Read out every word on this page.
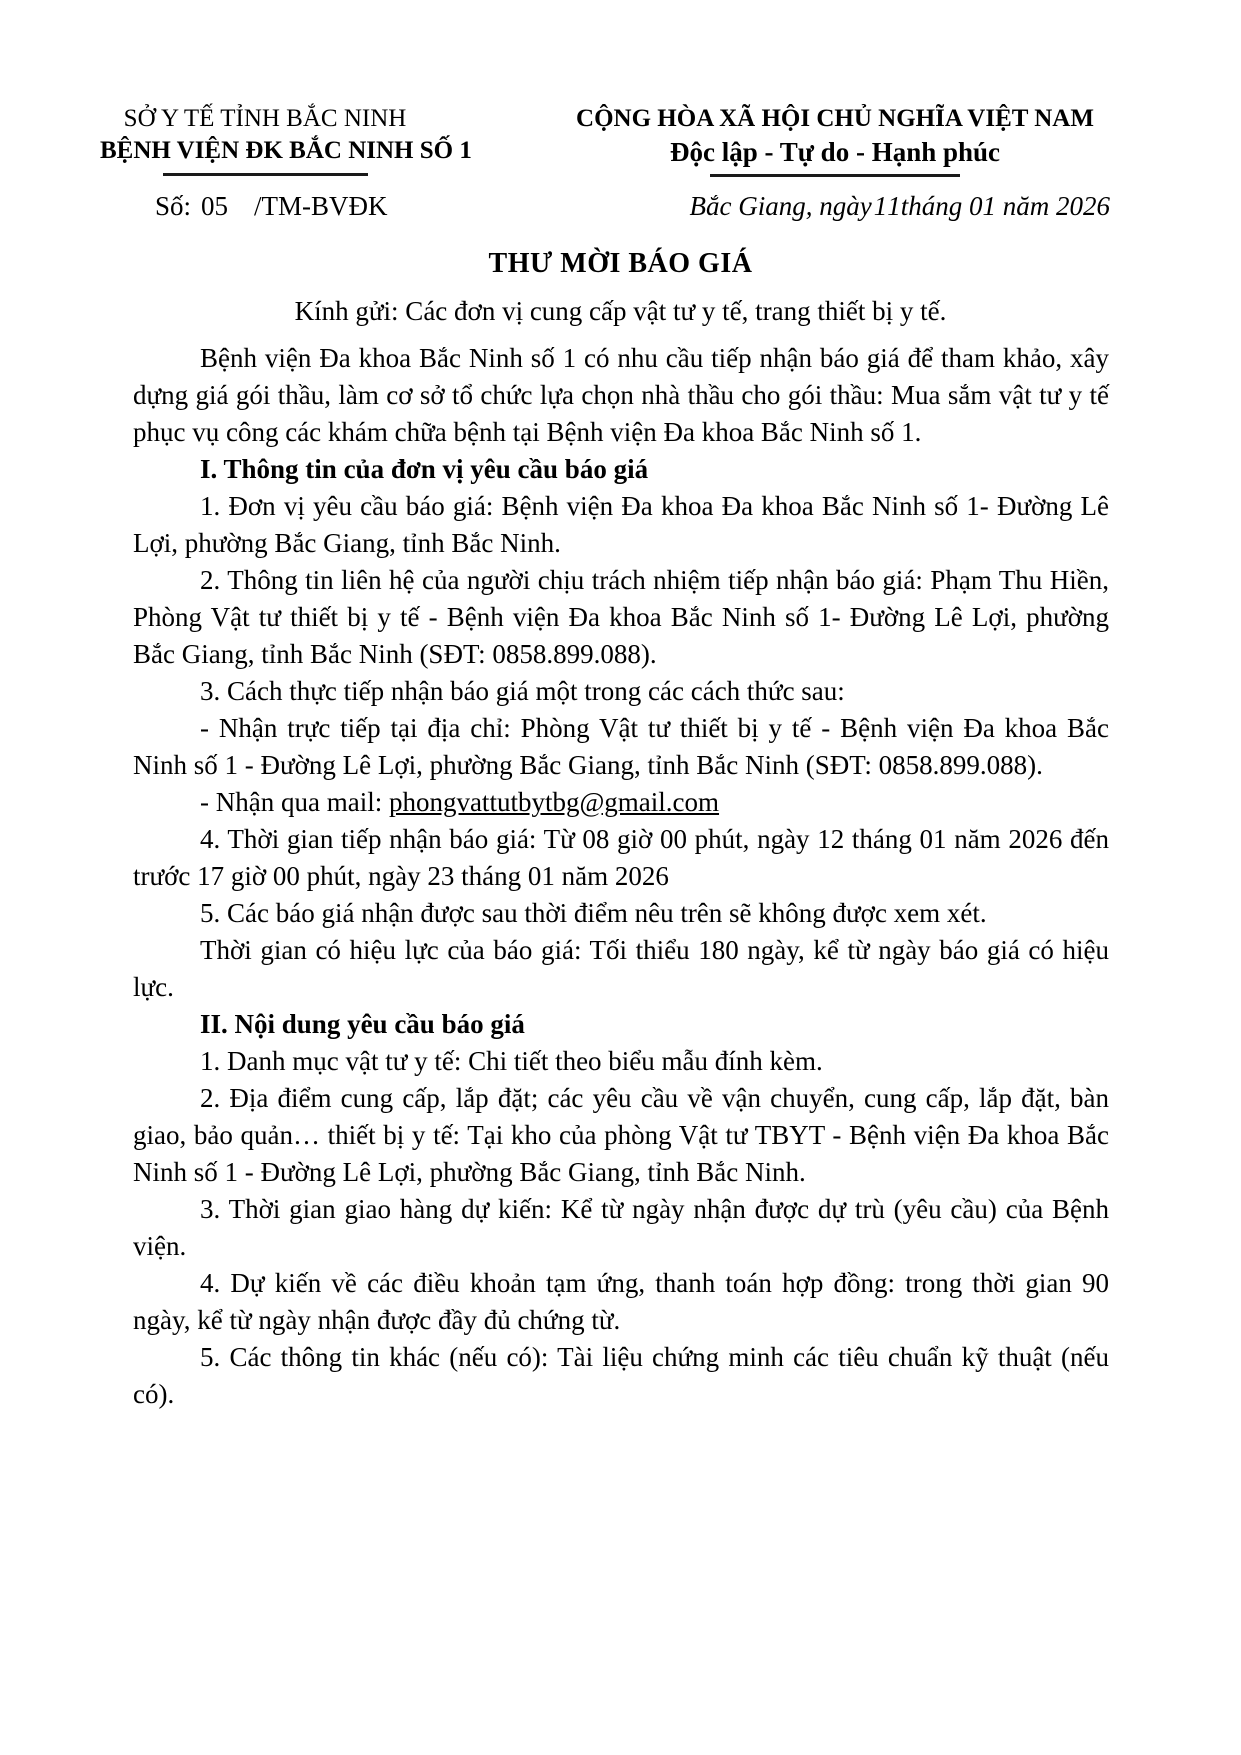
SỞ Y TẾ TỈNH BẮC NINH
BỆNH VIỆN ĐK BẮC NINH SỐ 1
CỘNG HÒA XÃ HỘI CHỦ NGHĨA VIỆT NAM
Độc lập - Tự do - Hạnh phúc
Số: 05 /TM-BVĐK	Bắc Giang, ngày11tháng 01 năm 2026
THƯ MỜI BÁO GIÁ
Kính gửi: Các đơn vị cung cấp vật tư y tế, trang thiết bị y tế.

Bệnh viện Đa khoa Bắc Ninh số 1 có nhu cầu tiếp nhận báo giá để tham khảo, xây dựng giá gói thầu, làm cơ sở tổ chức lựa chọn nhà thầu cho gói thầu: Mua sắm vật tư y tế phục vụ công các khám chữa bệnh tại Bệnh viện Đa khoa Bắc Ninh số 1.

I. Thông tin của đơn vị yêu cầu báo giá

1. Đơn vị yêu cầu báo giá: Bệnh viện Đa khoa Đa khoa Bắc Ninh số 1- Đường Lê Lợi, phường Bắc Giang, tỉnh Bắc Ninh.

2. Thông tin liên hệ của người chịu trách nhiệm tiếp nhận báo giá: Phạm Thu Hiền, Phòng Vật tư thiết bị y tế - Bệnh viện Đa khoa Bắc Ninh số 1- Đường Lê Lợi, phường Bắc Giang, tỉnh Bắc Ninh (SĐT: 0858.899.088).

3. Cách thực tiếp nhận báo giá một trong các cách thức sau:

- Nhận trực tiếp tại địa chỉ: Phòng Vật tư thiết bị y tế - Bệnh viện Đa khoa Bắc Ninh số 1 - Đường Lê Lợi, phường Bắc Giang, tỉnh Bắc Ninh (SĐT: 0858.899.088).

- Nhận qua mail: phongvattutbytbg@gmail.com

4. Thời gian tiếp nhận báo giá: Từ 08 giờ 00 phút, ngày 12 tháng 01 năm 2026 đến trước 17 giờ 00 phút, ngày 23 tháng 01 năm 2026

5. Các báo giá nhận được sau thời điểm nêu trên sẽ không được xem xét.

Thời gian có hiệu lực của báo giá: Tối thiểu 180 ngày, kể từ ngày báo giá có hiệu lực.

II. Nội dung yêu cầu báo giá

1. Danh mục vật tư y tế: Chi tiết theo biểu mẫu đính kèm.

2. Địa điểm cung cấp, lắp đặt; các yêu cầu về vận chuyển, cung cấp, lắp đặt, bàn giao, bảo quản… thiết bị y tế: Tại kho của phòng Vật tư TBYT - Bệnh viện Đa khoa Bắc Ninh số 1 - Đường Lê Lợi, phường Bắc Giang, tỉnh Bắc Ninh.

3. Thời gian giao hàng dự kiến: Kể từ ngày nhận được dự trù (yêu cầu) của Bệnh viện.

4. Dự kiến về các điều khoản tạm ứng, thanh toán hợp đồng: trong thời gian 90 ngày, kể từ ngày nhận được đầy đủ chứng từ.

5. Các thông tin khác (nếu có): Tài liệu chứng minh các tiêu chuẩn kỹ thuật (nếu có).
